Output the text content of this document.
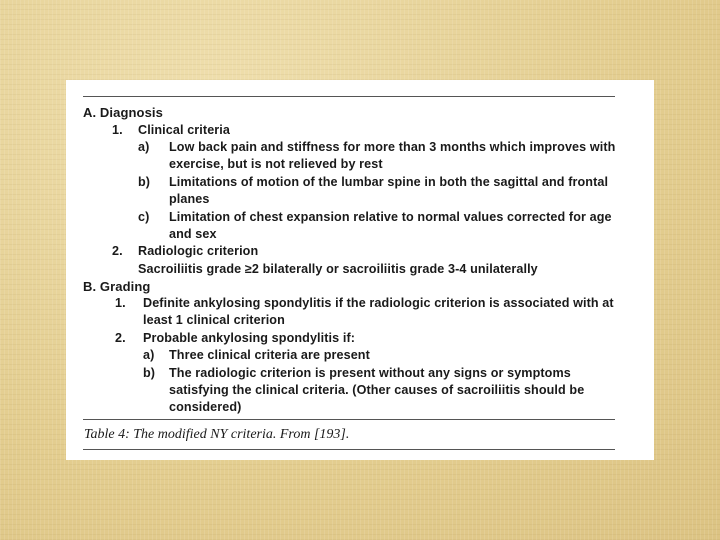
A. Diagnosis
1. Clinical criteria
a) Low back pain and stiffness for more than 3 months which improves with
exercise, but is not relieved by rest
b) Limitations of motion of the lumbar spine in both the sagittal and frontal
planes
c) Limitation of chest expansion relative to normal values corrected for age
and sex
2. Radiologic criterion
Sacroiliitis grade ≥2 bilaterally or sacroiliitis grade 3-4 unilaterally
B. Grading
1. Definite ankylosing spondylitis if the radiologic criterion is associated with at
least 1 clinical criterion
2. Probable ankylosing spondylitis if:
a) Three clinical criteria are present
b) The radiologic criterion is present without any signs or symptoms
satisfying the clinical criteria. (Other causes of sacroiliitis should be
considered)
Table 4: The modified NY criteria. From [193].
